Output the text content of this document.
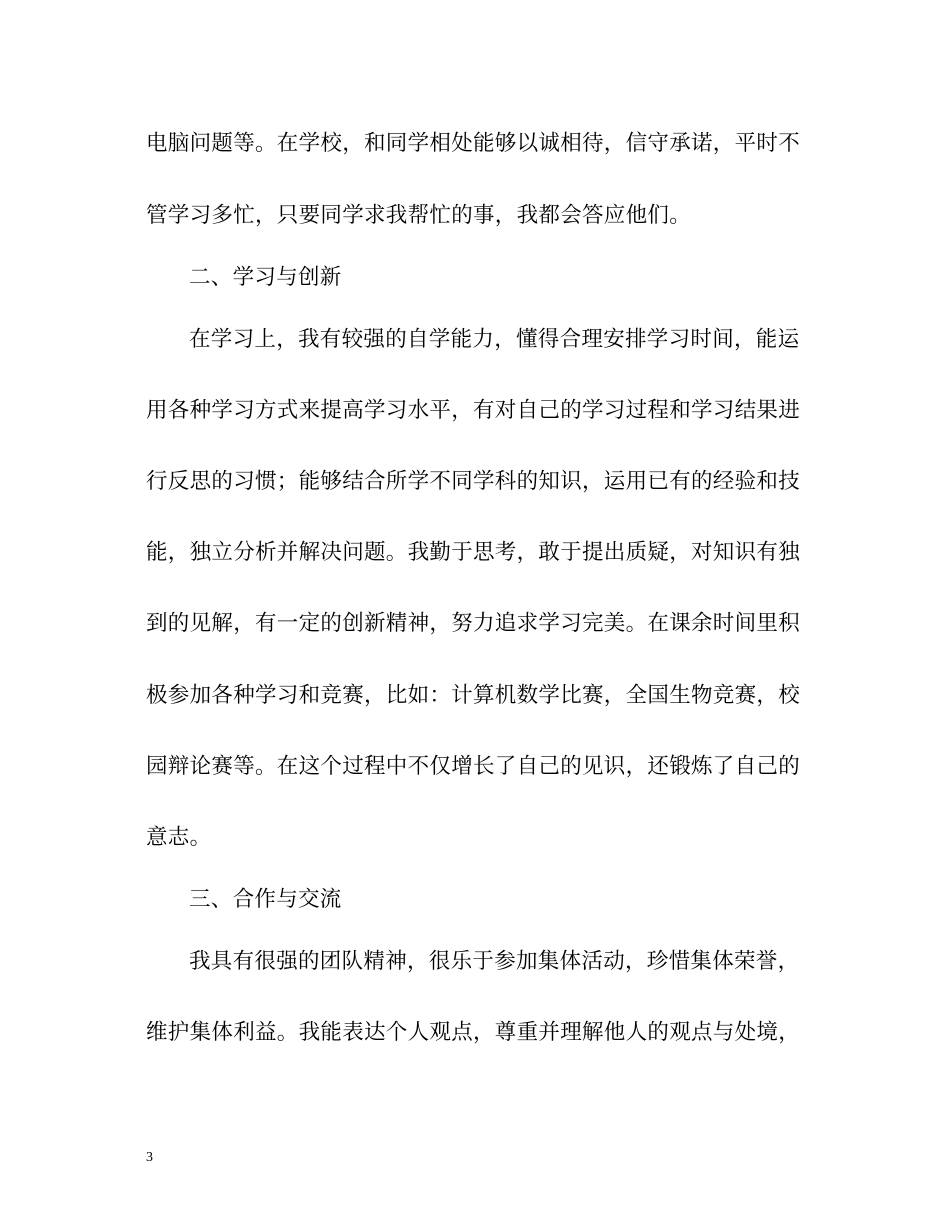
电脑问题等。在学校，和同学相处能够以诚相待，信守承诺，平时不
管学习多忙，只要同学求我帮忙的事，我都会答应他们。
二、学习与创新
在学习上，我有较强的自学能力，懂得合理安排学习时间，能运
用各种学习方式来提高学习水平，有对自己的学习过程和学习结果进
行反思的习惯；能够结合所学不同学科的知识，运用已有的经验和技
能，独立分析并解决问题。我勤于思考，敢于提出质疑，对知识有独
到的见解，有一定的创新精神，努力追求学习完美。在课余时间里积
极参加各种学习和竞赛，比如：计算机数学比赛，全国生物竞赛，校
园辩论赛等。在这个过程中不仅增长了自己的见识，还锻炼了自己的
意志。
三、合作与交流
我具有很强的团队精神，很乐于参加集体活动，珍惜集体荣誉，
维护集体利益。我能表达个人观点，尊重并理解他人的观点与处境，
3
